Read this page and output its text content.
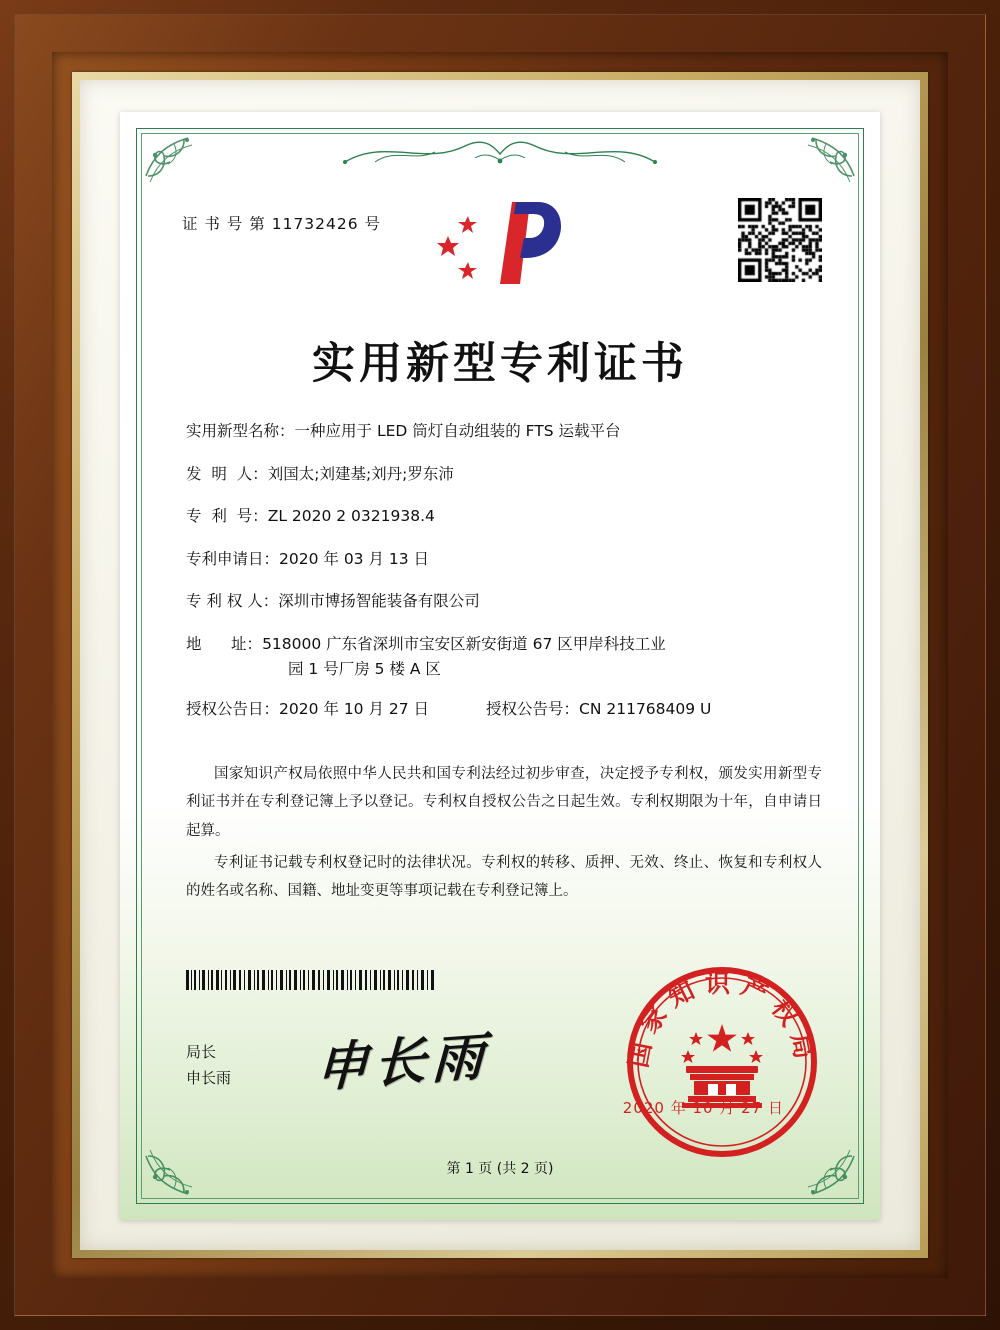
证 书 号 第 11732426 号
实用新型专利证书
实用新型名称： 一种应用于 LED 筒灯自动组装的 FTS 运载平台
发  明  人： 刘国太;刘建基;刘丹;罗东沛
专  利  号： ZL 2020 2 0321938.4
专利申请日： 2020 年 03 月 13 日
专 利 权 人： 深圳市博扬智能装备有限公司
地      址： 518000 广东省深圳市宝安区新安街道 67 区甲岸科技工业
园 1 号厂房 5 楼 A 区
授权公告日： 2020 年 10 月 27 日	授权公告号： CN 211768409 U

国家知识产权局依照中华人民共和国专利法经过初步审查，决定授予专利权，颁发实用新型专利证书并在专利登记簿上予以登记。专利权自授权公告之日起生效。专利权期限为十年，自申请日起算。

专利证书记载专利权登记时的法律状况。专利权的转移、质押、无效、终止、恢复和专利权人的姓名或名称、国籍、地址变更等事项记载在专利登记簿上。

局长
申长雨 申长雨	国家知识产权局
2020 年 10 月 27 日
第 1 页 (共 2 页)
